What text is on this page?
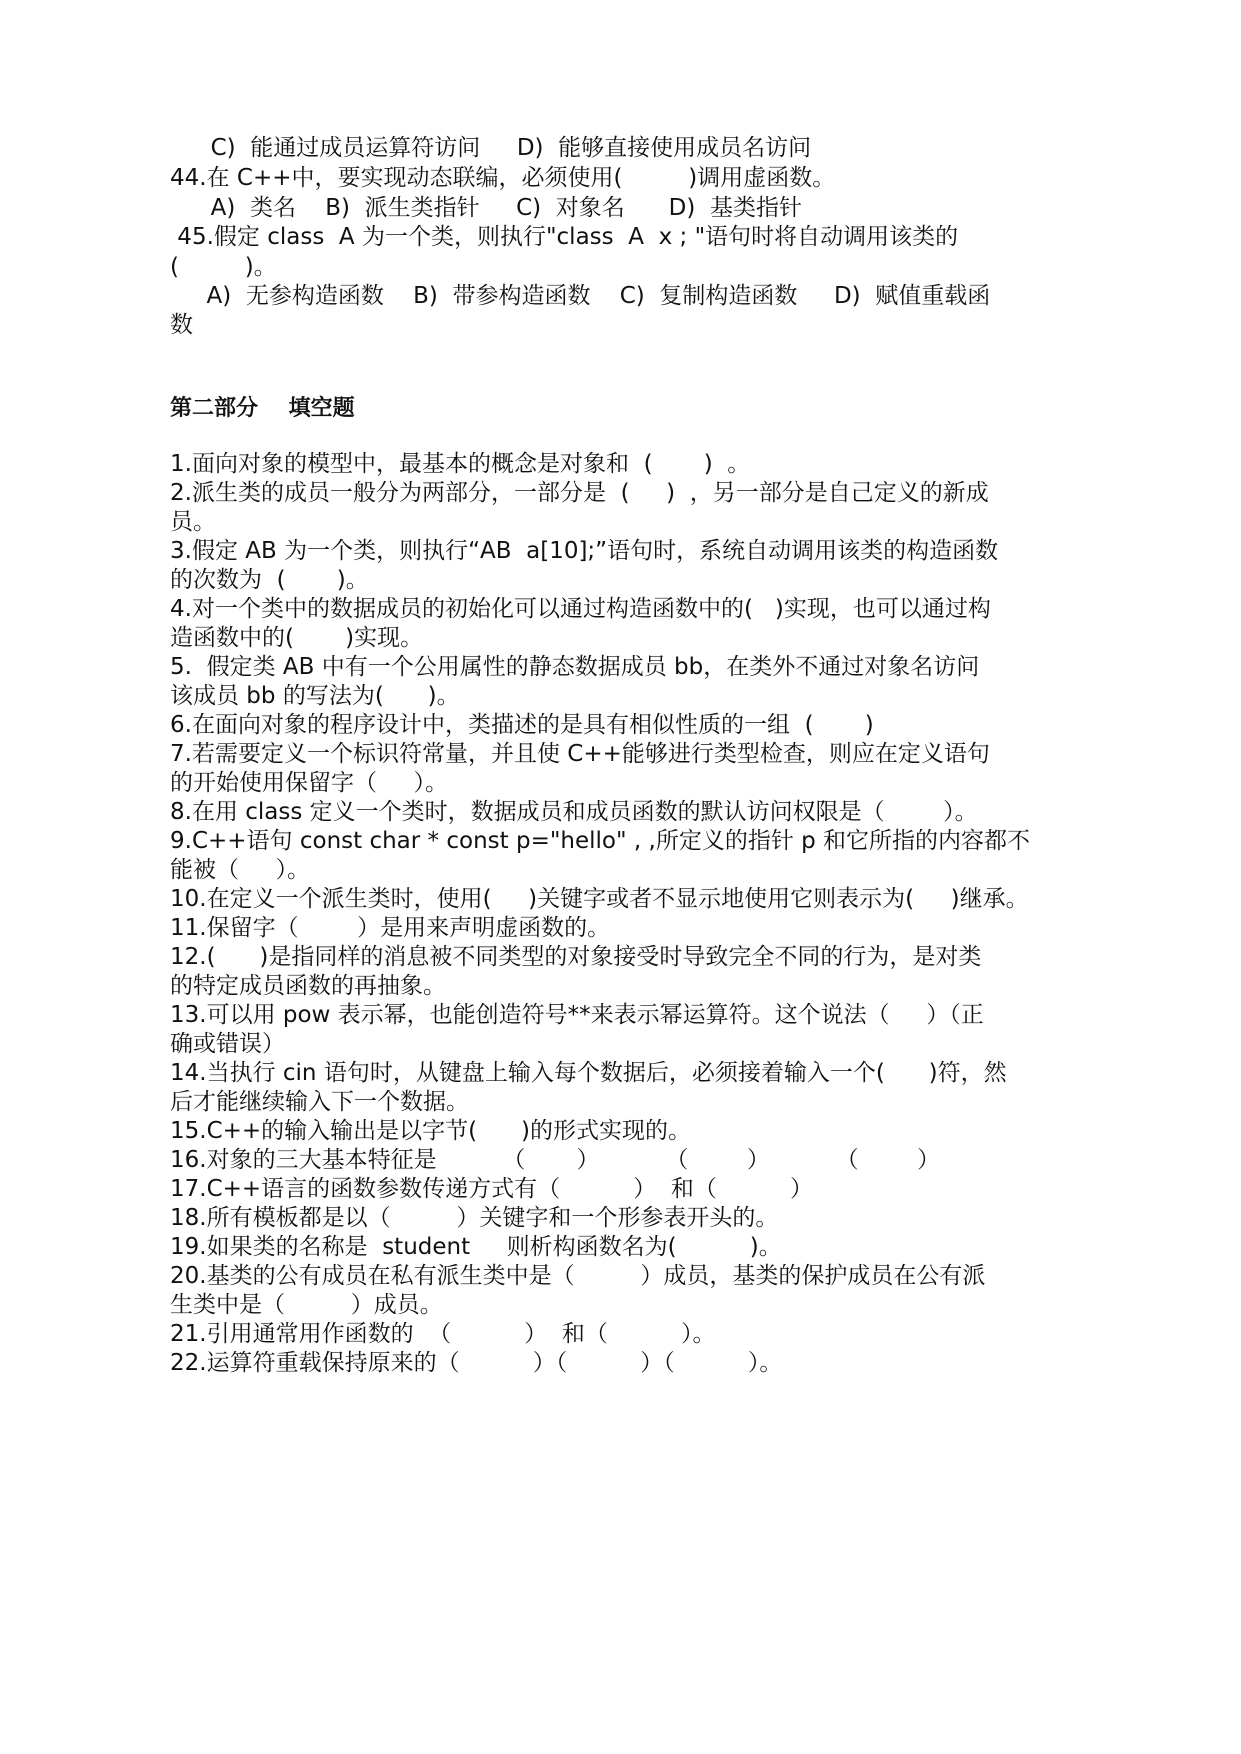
C)  能通过成员运算符访问     D)  能够直接使用成员名访问
44.在 C++中，要实现动态联编，必须使用(         )调用虚函数。
A)  类名    B)  派生类指针     C)  对象名      D)  基类指针
45.假定 class  A 为一个类，则执行"class  A  x ; "语句时将自动调用该类的
(         )。
A)  无参构造函数    B)  带参构造函数    C)  复制构造函数     D)  赋值重载函
数
第二部分    填空题
1.面向对象的模型中，最基本的概念是对象和  (       )  。
2.派生类的成员一般分为两部分，一部分是  (     )  ，另一部分是自己定义的新成
员。
3.假定 AB 为一个类，则执行“AB  a[10];”语句时，系统自动调用该类的构造函数
的次数为  (       )。
4.对一个类中的数据成员的初始化可以通过构造函数中的(   )实现，也可以通过构
造函数中的(       )实现。
5.  假定类 AB 中有一个公用属性的静态数据成员 bb，在类外不通过对象名访问
该成员 bb 的写法为(      )。
6.在面向对象的程序设计中，类描述的是具有相似性质的一组  (       )
7.若需要定义一个标识符常量，并且使 C++能够进行类型检查，则应在定义语句
的开始使用保留字（     ）。
8.在用 class 定义一个类时，数据成员和成员函数的默认访问权限是（        ）。
9.C++语句 const char * const p="hello" , ,所定义的指针 p 和它所指的内容都不
能被（     ）。
10.在定义一个派生类时，使用(     )关键字或者不显示地使用它则表示为(     )继承。
11.保留字（        ）是用来声明虚函数的。
12.(      )是指同样的消息被不同类型的对象接受时导致完全不同的行为，是对类
的特定成员函数的再抽象。
13.可以用 pow 表示幂，也能创造符号**来表示幂运算符。这个说法（     ）（正
确或错误）
14.当执行 cin 语句时，从键盘上输入每个数据后，必须接着输入一个(      )符，然
后才能继续输入下一个数据。
15.C++的输入输出是以字节(      )的形式实现的。
16.对象的三大基本特征是         （       ）         （        ）         （        ）
17.C++语言的函数参数传递方式有（          ）  和（          ）
18.所有模板都是以（         ）关键字和一个形参表开头的。
19.如果类的名称是  student     则析构函数名为(          )。
20.基类的公有成员在私有派生类中是（         ）成员，基类的保护成员在公有派
生类中是（         ）成员。
21.引用通常用作函数的  （          ）  和（          ）。
22.运算符重载保持原来的（          ）（          ）（          ）。
